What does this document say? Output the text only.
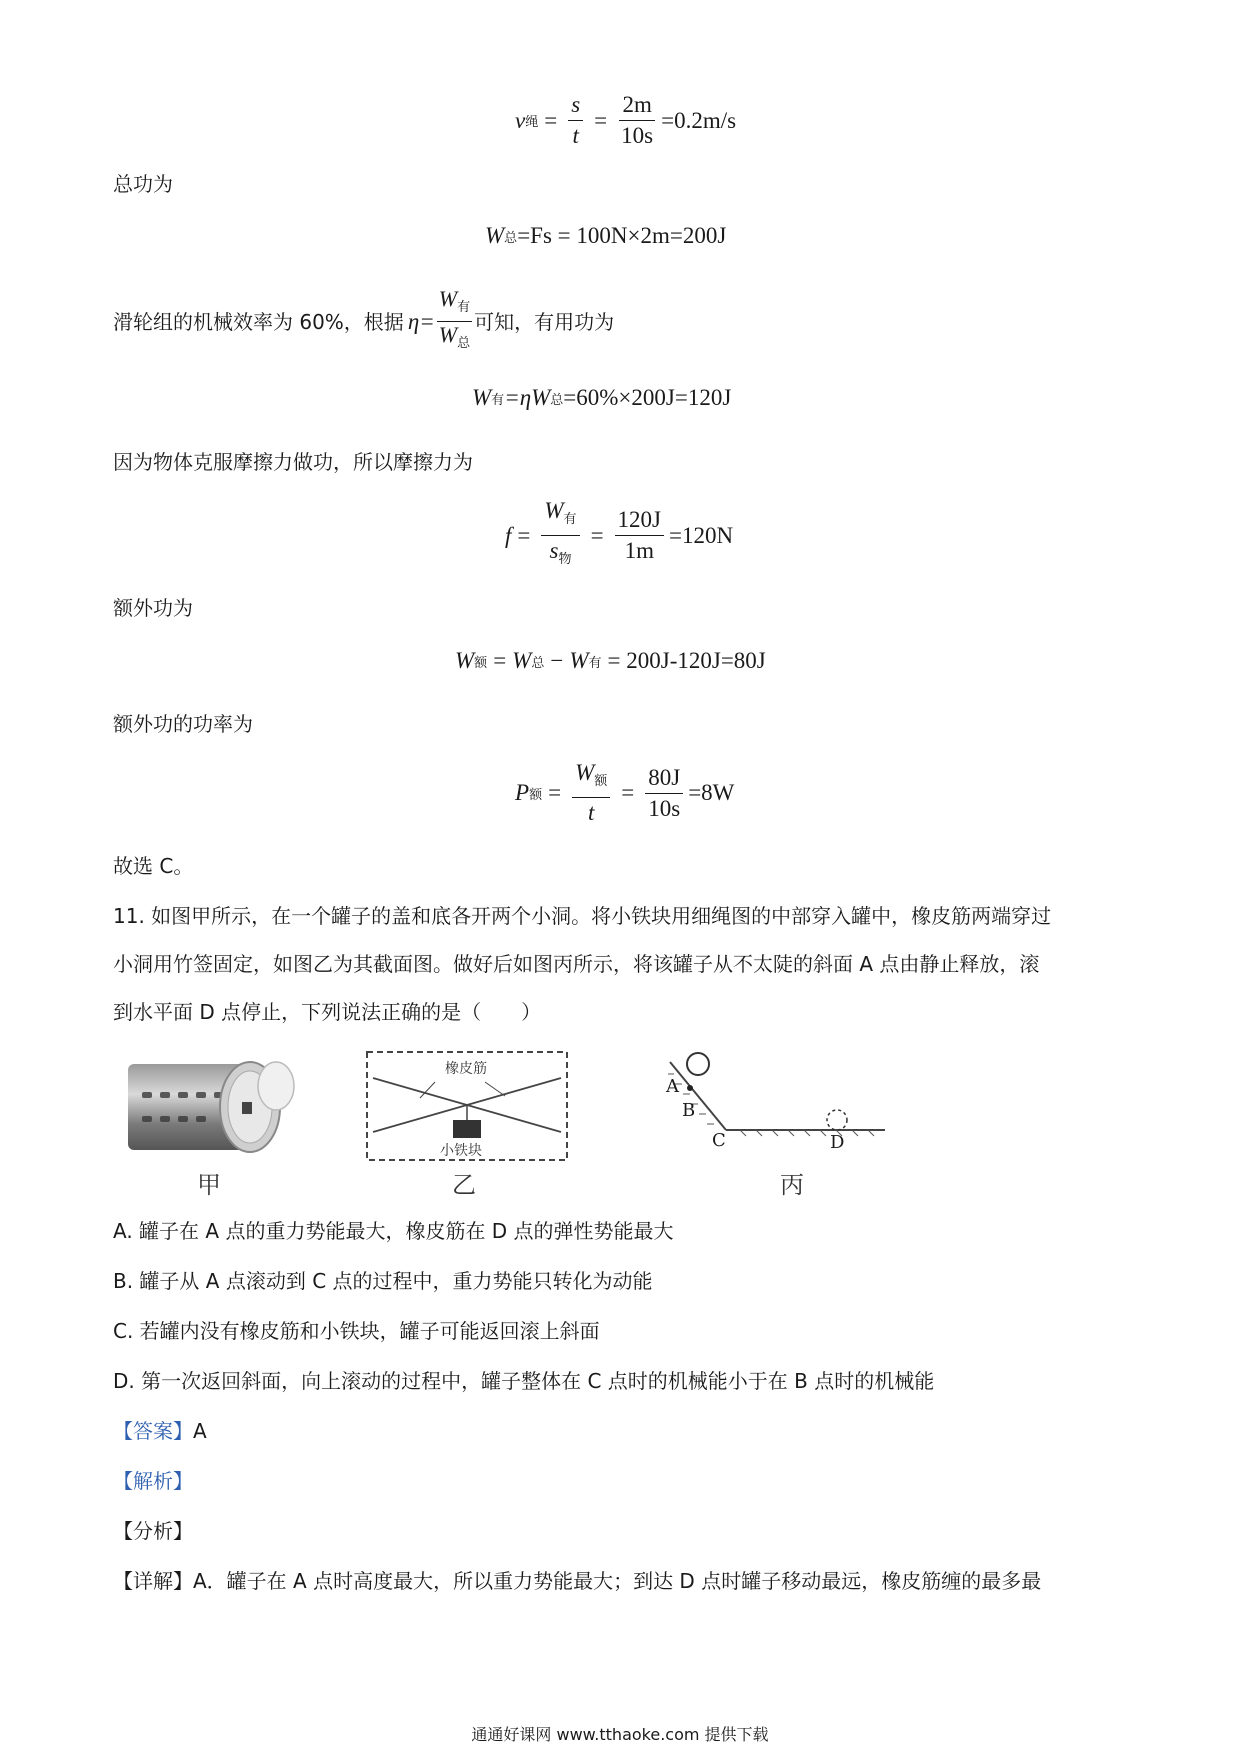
v 绳 = $\frac{s}{t} = \frac{2m}{10s} =0.2m/s$
总功为
W 总 =Fs = 100N×2m=200J
滑轮组的机械效率为 60%，根据 $\eta= \frac{W_有}{W_总}$ 可知，有用功为
W 有 =ηW 总 =60%×200J=120J
因为物体克服摩擦力做功，所以摩擦力为
$f = \frac{W_有}{s_物} = \frac{120J}{1m} =120N$
额外功为
W 额 = W 总 − W 有 = 200J-120J=80J
额外功的功率为
P 额 = $\frac{W_额}{t} = \frac{80J}{10s} =8W$
故选 C。
11. 如图甲所示，在一个罐子的盖和底各开两个小洞。将小铁块用细绳图的中部穿入罐中，橡皮筋两端穿过
小洞用竹签固定，如图乙为其截面图。做好后如图丙所示，将该罐子从不太陡的斜面 A 点由静止释放，滚
到水平面 D 点停止，下列说法正确的是（　　）
甲
橡皮筋
小铁块
乙
A
B
C	D
丙
A. 罐子在 A 点的重力势能最大，橡皮筋在 D 点的弹性势能最大
B. 罐子从 A 点滚动到 C 点的过程中，重力势能只转化为动能
C. 若罐内没有橡皮筋和小铁块，罐子可能返回滚上斜面
D. 第一次返回斜面，向上滚动的过程中，罐子整体在 C 点时的机械能小于在 B 点时的机械能
【答案】A
【解析】
【分析】
【详解】A．罐子在 A 点时高度最大，所以重力势能最大；到达 D 点时罐子移动最远，橡皮筋缠的最多最
通通好课网 www.tthaoke.com 提供下载
